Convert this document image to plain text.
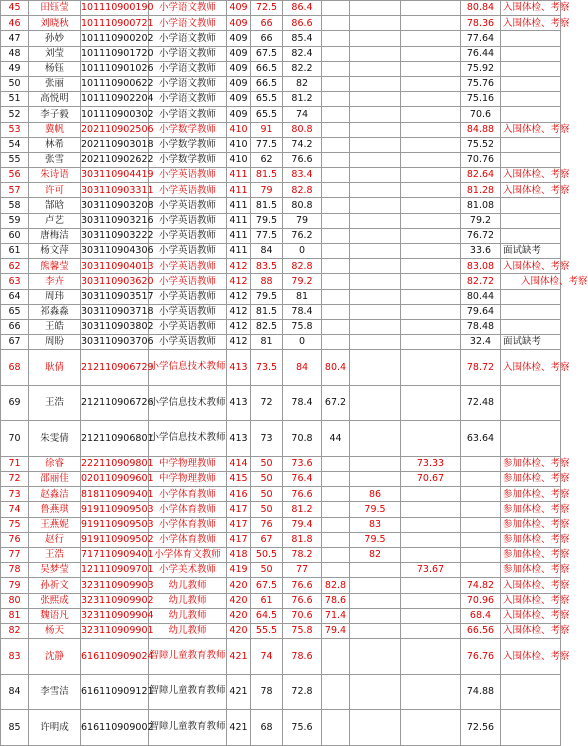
45	田钰莹	101110900190	小学语文教师	409	72.5	86.4				80.84	入围体检、考察
46	刘晓秋	101110900721	小学语文教师	409	66	86.6				78.36	入围体检、考察
47	孙妙	101110900202	小学语文教师	409	66	85.4				77.64	
48	刘莹	101110901720	小学语文教师	409	67.5	82.4				76.44	
49	杨钰	101110901026	小学语文教师	409	66.5	82.2				75.92	
50	张丽	101110900622	小学语文教师	409	66.5	82				75.76	
51	高悦明	101110902204	小学语文教师	409	65.5	81.2				75.16	
52	李子毅	101110900302	小学语文教师	409	65.5	74				70.6	
53	冀帆	202110902506	小学数学教师	410	91	80.8				84.88	入围体检、考察
54	林希	202110903018	小学数学教师	410	77.5	74.2				75.52	
55	张雪	202110902622	小学数学教师	410	62	76.6				70.76	
56	朱诗语	303110904419	小学英语教师	411	81.5	83.4				82.64	入围体检、考察
57	许可	303110903311	小学英语教师	411	79	82.8				81.28	入围体检、考察
58	郜晗	303110903208	小学英语教师	411	81.5	80.8				81.08	
59	卢艺	303110903216	小学英语教师	411	79.5	79				79.2	
60	唐梅洁	303110903222	小学英语教师	411	77.5	76.2				76.72	
61	杨文萍	303110904306	小学英语教师	411	84	0				33.6	面试缺考
62	熊馨莹	303110904013	小学英语教师	412	83.5	82.8				83.08	入围体检、考察
63	李卉	303110903620	小学英语教师	412	88	79.2				82.72	入围体检、考察
64	周玮	303110903517	小学英语教师	412	79.5	81				80.44	
65	祁淼淼	303110903718	小学英语教师	412	81.5	78.4				79.64	
66	王皓	303110903802	小学英语教师	412	82.5	75.8				78.48	
67	周盼	303110903706	小学英语教师	412	81	0				32.4	面试缺考
68	耿倩	212110906729	小学信息技术教师	413	73.5	84	80.4			78.72	入围体检、考察
69	王浩	212110906726	小学信息技术教师	413	72	78.4	67.2			72.48	
70	朱雯倩	212110906801	小学信息技术教师	413	73	70.8	44			63.64	
71	徐睿	222110909801	中学物理教师	414	50	73.6			73.33		参加体检、考察
72	邵丽佳	020110909601	中学物理教师	415	50	76.4			70.67		参加体检、考察
73	赵淼洁	818110909401	小学体育教师	416	50	76.6		86			参加体检、考察
74	鲁燕琪	919110909503	小学体育教师	417	50	81.2		79.5			参加体检、考察
75	王燕妮	919110909503	小学体育教师	417	76	79.4		83			参加体检、考察
76	赵行	919110909502	小学体育教师	417	67	81.8		79.5			参加体检、考察
77	王浩	717110909401	小学体育文教师	418	50.5	78.2		82			参加体检、考察
78	吴梦莹	121110909701	小学美术教师	419	50	77			73.67		参加体检、考察
79	孙祈文	323110909903	幼儿教师	420	67.5	76.6	82.8			74.82	入围体检、考察
80	张熙成	323110909902	幼儿教师	420	61	76.6	78.6			70.96	入围体检、考察
81	魏语凡	323110909904	幼儿教师	420	64.5	70.6	71.4			68.4	入围体检、考察
82	杨天	323110909901	幼儿教师	420	55.5	75.8	79.4			66.56	入围体检、考察
83	沈静	616110909024	智障儿童教育教师	421	74	78.6				76.76	入围体检、考察
84	李雪洁	616110909121	智障儿童教育教师	421	78	72.8				74.88	
85	许明成	616110909002	智障儿童教育教师	421	68	75.6				72.56	
